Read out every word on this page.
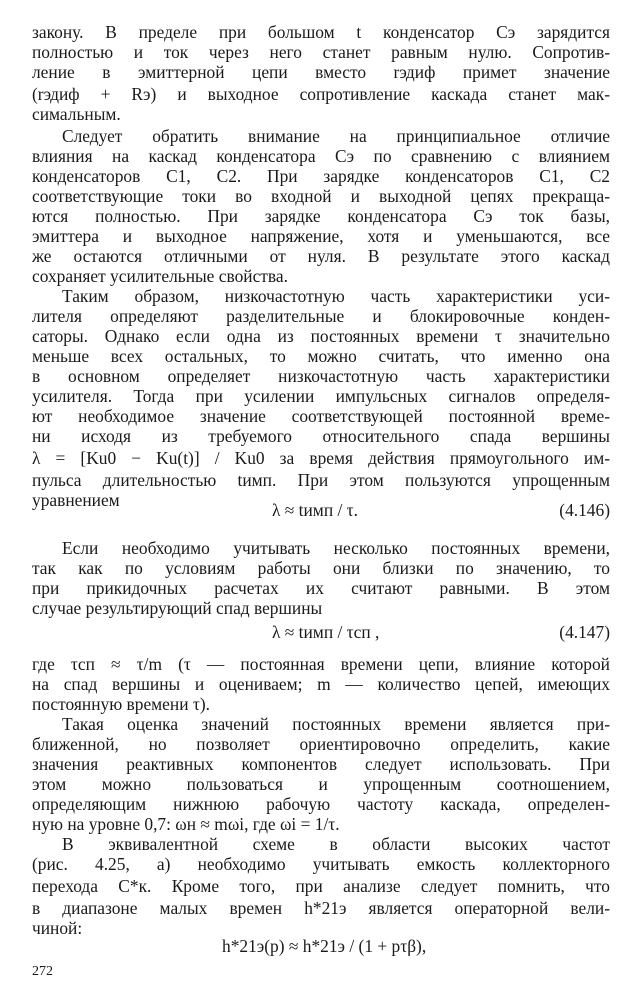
закону. В пределе при большом t конденсатор Cэ зарядится
полностью и ток через него станет равным нулю. Сопротив-
ление в эмиттерной цепи вместо rэдиф примет значение
(rэдиф + Rэ) и выходное сопротивление каскада станет мак-
симальным.
Следует обратить внимание на принципиальное отличие
влияния на каскад конденсатора Cэ по сравнению с влиянием
конденсаторов C1, C2. При зарядке конденсаторов C1, C2
соответствующие токи во входной и выходной цепях прекраща-
ются полностью. При зарядке конденсатора Cэ ток базы,
эмиттера и выходное напряжение, хотя и уменьшаются, все
же остаются отличными от нуля. В результате этого каскад
сохраняет усилительные свойства.
Таким образом, низкочастотную часть характеристики уси-
лителя определяют разделительные и блокировочные конден-
саторы. Однако если одна из постоянных времени τ значительно
меньше всех остальных, то можно считать, что именно она
в основном определяет низкочастотную часть характеристики
усилителя. Тогда при усилении импульсных сигналов определя-
ют необходимое значение соответствующей постоянной време-
ни исходя из требуемого относительного спада вершины
λ = [Ku0 − Ku(t)] / Ku0 за время действия прямоугольного им-
пульса длительностью tимп. При этом пользуются упрощенным
уравнением	λ ≈ tимп / τ.	(4.146)
Если необходимо учитывать несколько постоянных времени,
так как по условиям работы они близки по значению, то
при прикидочных расчетах их считают равными. В этом
случае результирующий спад вершины
λ ≈ tимп / τсп ,	(4.147)
где τсп ≈ τ/m (τ — постоянная времени цепи, влияние которой
на спад вершины и оцениваем; m — количество цепей, имеющих
постоянную времени τ).
Такая оценка значений постоянных времени является при-
ближенной, но позволяет ориентировочно определить, какие
значения реактивных компонентов следует использовать. При
этом можно пользоваться и упрощенным соотношением,
определяющим нижнюю рабочую частоту каскада, определен-
ную на уровне 0,7: ωн ≈ mωi, где ωi = 1/τ.
В эквивалентной схеме в области высоких частот
(рис. 4.25, a) необходимо учитывать емкость коллекторного
перехода C*к. Кроме того, при анализе следует помнить, что
в диапазоне малых времен h*21э является операторной вели-
чиной:
h*21э(p) ≈ h*21э / (1 + pτβ),
272
